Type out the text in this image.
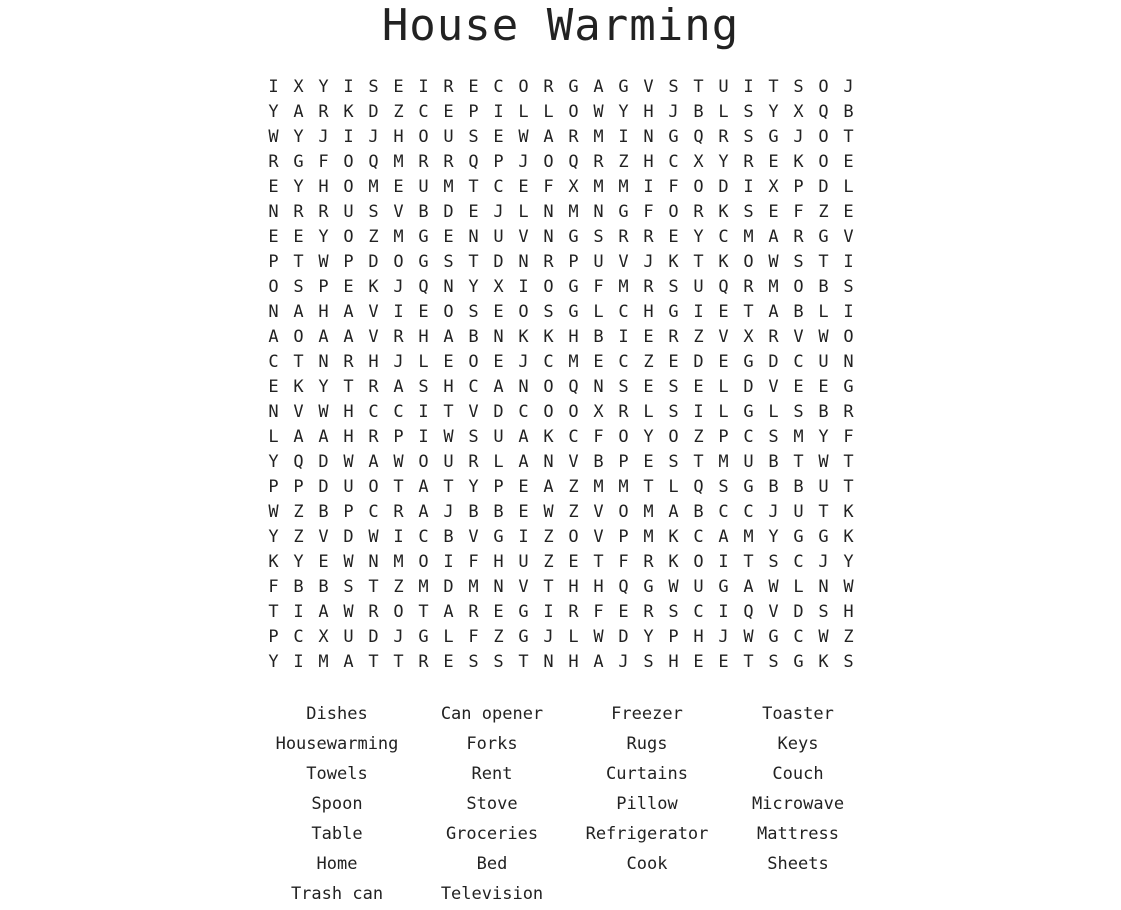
House Warming
I X Y I S E I R E C O R G A G V S T U I T S O J
Y A R K D Z C E P I L L O W Y H J B L S Y X Q B
W Y J I J H O U S E W A R M I N G Q R S G J O T
R G F O Q M R R Q P J O Q R Z H C X Y R E K O E
E Y H O M E U M T C E F X M M I F O D I X P D L
N R R U S V B D E J L N M N G F O R K S E F Z E
E E Y O Z M G E N U V N G S R R E Y C M A R G V
P T W P D O G S T D N R P U V J K T K O W S T I
O S P E K J Q N Y X I O G F M R S U Q R M O B S
N A H A V I E O S E O S G L C H G I E T A B L I
A O A A V R H A B N K K H B I E R Z V X R V W O
C T N R H J L E O E J C M E C Z E D E G D C U N
E K Y T R A S H C A N O Q N S E S E L D V E E G
N V W H C C I T V D C O O X R L S I L G L S B R
L A A H R P I W S U A K C F O Y O Z P C S M Y F
Y Q D W A W O U R L A N V B P E S T M U B T W T
P P D U O T A T Y P E A Z M M T L Q S G B B U T
W Z B P C R A J B B E W Z V O M A B C C J U T K
Y Z V D W I C B V G I Z O V P M K C A M Y G G K
K Y E W N M O I F H U Z E T F R K O I T S C J Y
F B B S T Z M D M N V T H H Q G W U G A W L N W
T I A W R O T A R E G I R F E R S C I Q V D S H
P C X U D J G L F Z G J L W D Y P H J W G C W Z
Y I M A T T R E S S T N H A J S H E E T S G K S
Dishes	Can opener	Freezer	Toaster
Housewarming	Forks	Rugs	Keys
Towels	Rent	Curtains	Couch
Spoon	Stove	Pillow	Microwave
Table	Groceries	Refrigerator	Mattress
Home	Bed	Cook	Sheets
Trash can	Television
